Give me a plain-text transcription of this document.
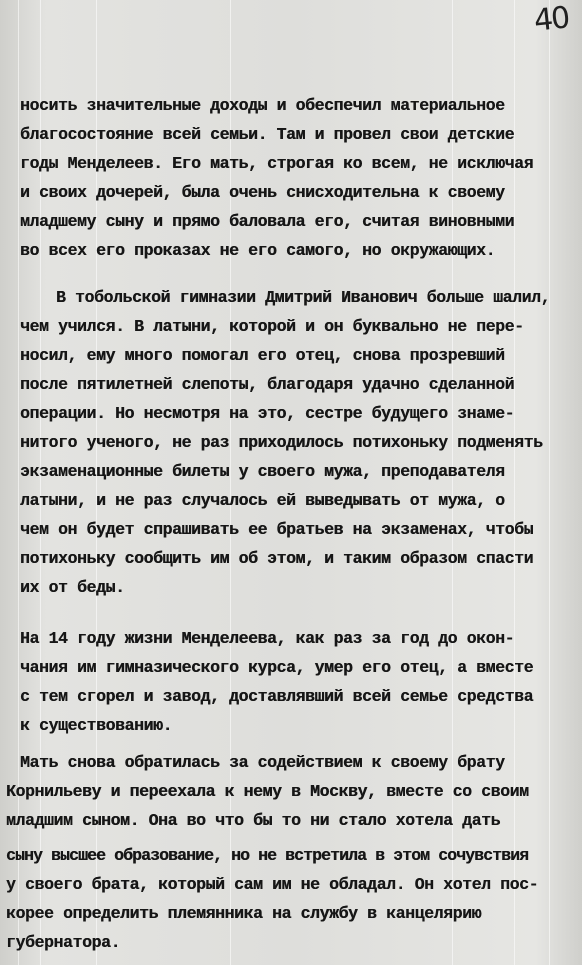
40
носить значительные доходы и обеспечил материальное
благосостояние всей семьи. Там и провел свои детские
годы Менделеев. Его мать, строгая ко всем, не исключая
и своих дочерей, была очень снисходительна к своему
младшему сыну и прямо баловала его, считая виновными
во всех его проказах не его самого, но окружающих.
В тобольской гимназии Дмитрий Иванович больше шалил,
чем учился. В латыни, которой и он буквально не пере-
носил, ему много помогал его отец, снова прозревший
после пятилетней слепоты, благодаря удачно сделанной
операции. Но несмотря на это, сестре будущего знаме-
нитого ученого, не раз приходилось потихоньку подменять
экзаменационные билеты у своего мужа, преподавателя
латыни, и не раз случалось ей выведывать от мужа, о
чем он будет спрашивать ее братьев на экзаменах, чтобы
потихоньку сообщить им об этом, и таким образом спасти
их от беды.
На 14 году жизни Менделеева, как раз за год до окон-
чания им гимназического курса, умер его отец, а вместе
с тем сгорел и завод, доставлявший всей семье средства
к существованию.
Мать снова обратилась за содействием к своему брату
Корнильеву и переехала к нему в Москву, вместе со своим
младшим сыном. Она во что бы то ни стало хотела дать
сыну высшее образование, но не встретила в этом сочувствия
у своего брата, который сам им не обладал. Он хотел пос-
корее определить племянника на службу в канцелярию
губернатора.
